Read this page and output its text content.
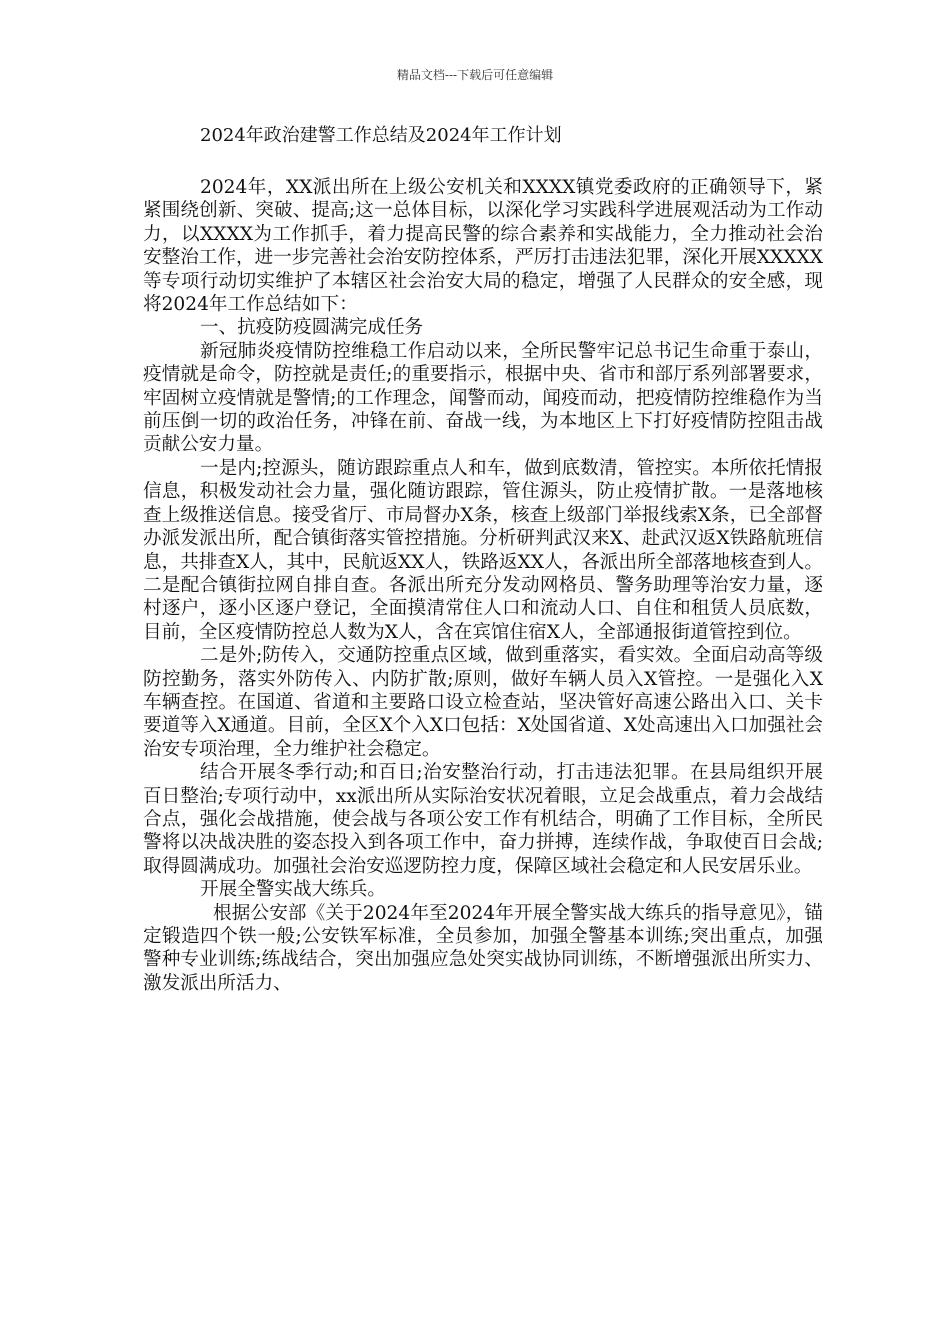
精品文档---下载后可任意编辑
2024年政治建警工作总结及2024年工作计划

2024年，XX派出所在上级公安机关和XXXX镇党委政府的正确领导下，紧紧围绕创新、突破、提高;这一总体目标，以深化学习实践科学进展观活动为工作动力，以XXXX为工作抓手，着力提高民警的综合素养和实战能力，全力推动社会治安整治工作，进一步完善社会治安防控体系，严厉打击违法犯罪，深化开展XXXXX等专项行动切实维护了本辖区社会治安大局的稳定，增强了人民群众的安全感，现将2024年工作总结如下：

一、抗疫防疫圆满完成任务

新冠肺炎疫情防控维稳工作启动以来，全所民警牢记总书记生命重于泰山，疫情就是命令，防控就是责任;的重要指示，根据中央、省市和部厅系列部署要求，牢固树立疫情就是警情;的工作理念，闻警而动，闻疫而动，把疫情防控维稳作为当前压倒一切的政治任务，冲锋在前、奋战一线，为本地区上下打好疫情防控阻击战贡献公安力量。

一是内;控源头，随访跟踪重点人和车，做到底数清，管控实。本所依托情报信息，积极发动社会力量，强化随访跟踪，管住源头，防止疫情扩散。一是落地核查上级推送信息。接受省厅、市局督办X条，核查上级部门举报线索X条，已全部督办派发派出所，配合镇街落实管控措施。分析研判武汉来X、赴武汉返X铁路航班信息，共排查X人，其中，民航返XX人，铁路返XX人，各派出所全部落地核查到人。二是配合镇街拉网自排自查。各派出所充分发动网格员、警务助理等治安力量，逐村逐户，逐小区逐户登记，全面摸清常住人口和流动人口、自住和租赁人员底数，目前，全区疫情防控总人数为X人，含在宾馆住宿X人，全部通报街道管控到位。

二是外;防传入，交通防控重点区域，做到重落实，看实效。全面启动高等级防控勤务，落实外防传入、内防扩散;原则，做好车辆人员入X管控。一是强化入X车辆查控。在国道、省道和主要路口设立检查站，坚决管好高速公路出入口、关卡要道等入X通道。目前，全区X个入X口包括：X处国省道、X处高速出入口加强社会治安专项治理，全力维护社会稳定。

结合开展冬季行动;和百日;治安整治行动，打击违法犯罪。在县局组织开展百日整治;专项行动中，xx派出所从实际治安状况着眼，立足会战重点，着力会战结合点，强化会战措施，使会战与各项公安工作有机结合，明确了工作目标，全所民警将以决战决胜的姿态投入到各项工作中，奋力拼搏，连续作战，争取使百日会战;取得圆满成功。加强社会治安巡逻防控力度，保障区域社会稳定和人民安居乐业。

开展全警实战大练兵。

根据公安部《关于2024年至2024年开展全警实战大练兵的指导意见》，锚定锻造四个铁一般;公安铁军标准，全员参加，加强全警基本训练;突出重点，加强警种专业训练;练战结合，突出加强应急处突实战协同训练，不断增强派出所实力、激发派出所活力、
